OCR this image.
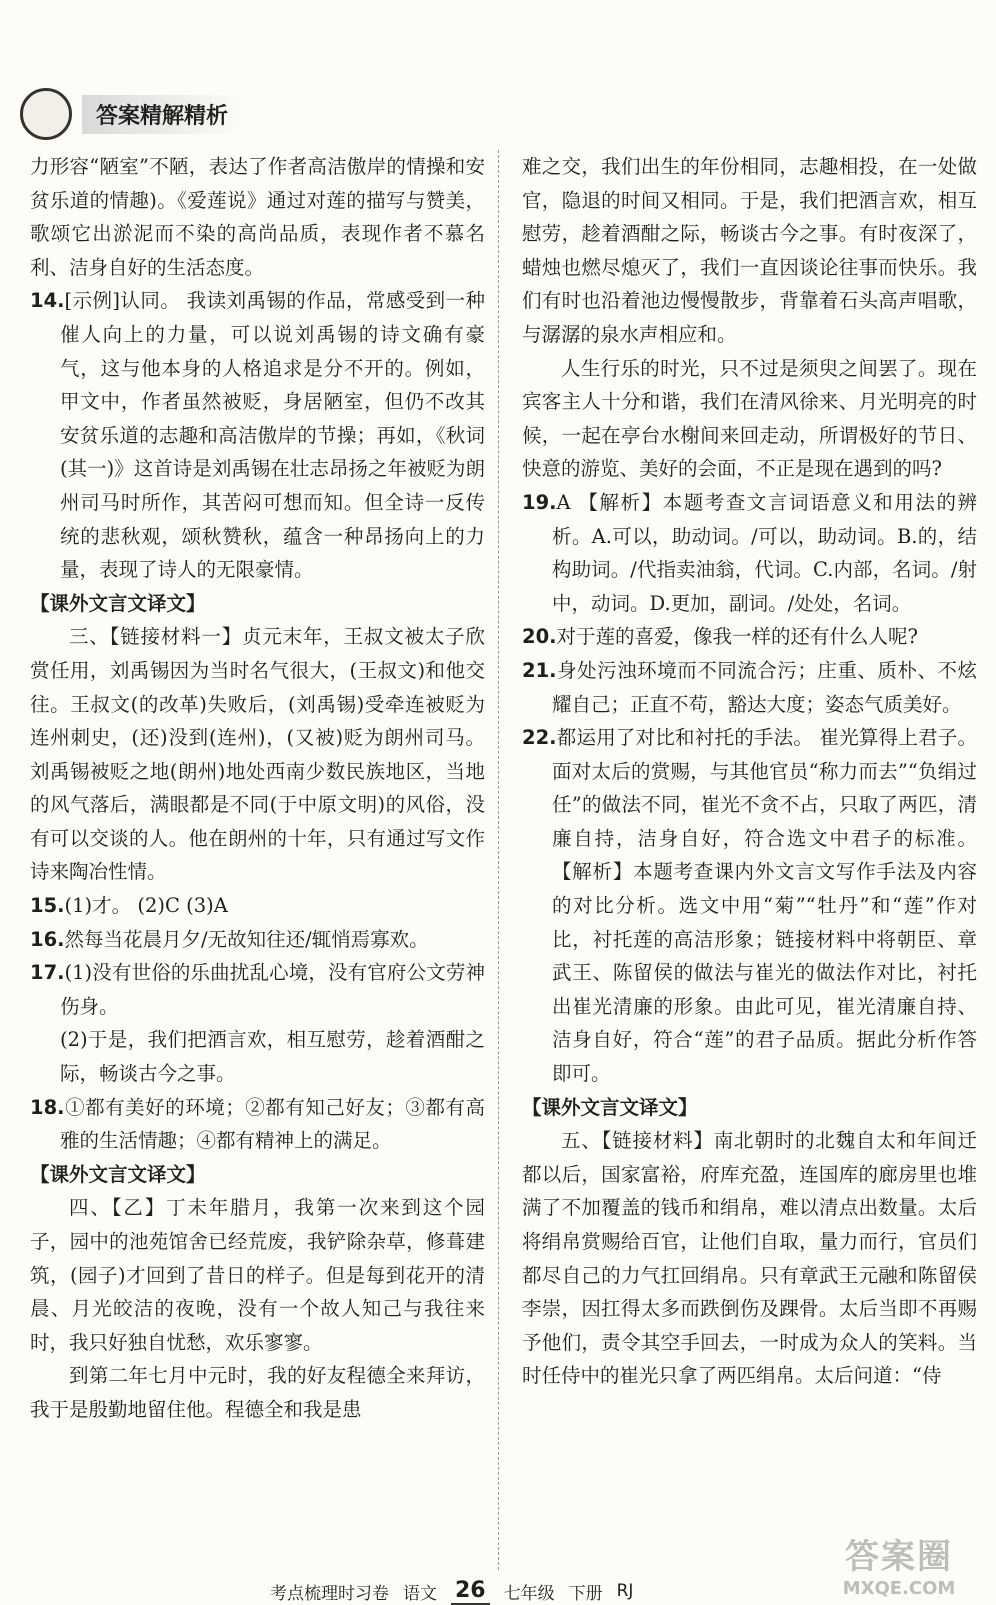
答案精解精析

力形容“陋室”不陋，表达了作者高洁傲岸的情操和安贫乐道的情趣)。《爱莲说》通过对莲的描写与赞美，歌颂它出淤泥而不染的高尚品质，表现作者不慕名利、洁身自好的生活态度。

14.[示例]认同。 我读刘禹锡的作品，常感受到一种催人向上的力量，可以说刘禹锡的诗文确有豪气，这与他本身的人格追求是分不开的。例如，甲文中，作者虽然被贬，身居陋室，但仍不改其安贫乐道的志趣和高洁傲岸的节操；再如，《秋词(其一)》这首诗是刘禹锡在壮志昂扬之年被贬为朗州司马时所作，其苦闷可想而知。但全诗一反传统的悲秋观，颂秋赞秋，蕴含一种昂扬向上的力量，表现了诗人的无限豪情。

【课外文言文译文】

三、【链接材料一】贞元末年，王叔文被太子欣赏任用，刘禹锡因为当时名气很大，(王叔文)和他交往。王叔文(的改革)失败后，(刘禹锡)受牵连被贬为连州刺史，(还)没到(连州)，(又被)贬为朗州司马。刘禹锡被贬之地(朗州)地处西南少数民族地区，当地的风气落后，满眼都是不同(于中原文明)的风俗，没有可以交谈的人。他在朗州的十年，只有通过写文作诗来陶冶性情。

15.(1)才。 (2)C (3)A

16.然每当花晨月夕/无故知往还/辄悄焉寡欢。

17.(1)没有世俗的乐曲扰乱心境，没有官府公文劳神伤身。

(2)于是，我们把酒言欢，相互慰劳，趁着酒酣之际，畅谈古今之事。

18.①都有美好的环境；②都有知己好友；③都有高雅的生活情趣；④都有精神上的满足。

【课外文言文译文】

四、【乙】丁未年腊月，我第一次来到这个园子，园中的池苑馆舍已经荒废，我铲除杂草，修葺建筑，(园子)才回到了昔日的样子。但是每到花开的清晨、月光皎洁的夜晚，没有一个故人知己与我往来时，我只好独自忧愁，欢乐寥寥。

到第二年七月中元时，我的好友程德全来拜访，我于是殷勤地留住他。程德全和我是患

难之交，我们出生的年份相同，志趣相投，在一处做官，隐退的时间又相同。于是，我们把酒言欢，相互慰劳，趁着酒酣之际，畅谈古今之事。有时夜深了，蜡烛也燃尽熄灭了，我们一直因谈论往事而快乐。我们有时也沿着池边慢慢散步，背靠着石头高声唱歌，与潺潺的泉水声相应和。

人生行乐的时光，只不过是须臾之间罢了。现在宾客主人十分和谐，我们在清风徐来、月光明亮的时候，一起在亭台水榭间来回走动，所谓极好的节日、快意的游览、美好的会面，不正是现在遇到的吗?

19.A 【解析】本题考查文言词语意义和用法的辨析。A.可以，助动词。/可以，助动词。B.的，结构助词。/代指卖油翁，代词。C.内部，名词。/射中，动词。D.更加，副词。/处处，名词。

20.对于莲的喜爱，像我一样的还有什么人呢?

21.身处污浊环境而不同流合污；庄重、质朴、不炫耀自己；正直不苟，豁达大度；姿态气质美好。

22.都运用了对比和衬托的手法。 崔光算得上君子。面对太后的赏赐，与其他官员“称力而去”“负绢过任”的做法不同，崔光不贪不占，只取了两匹，清廉自持，洁身自好，符合选文中君子的标准。 【解析】本题考查课内外文言文写作手法及内容的对比分析。选文中用“菊”“牡丹”和“莲”作对比，衬托莲的高洁形象；链接材料中将朝臣、章武王、陈留侯的做法与崔光的做法作对比，衬托出崔光清廉的形象。由此可见，崔光清廉自持、洁身自好，符合“莲”的君子品质。据此分析作答即可。

【课外文言文译文】

五、【链接材料】南北朝时的北魏自太和年间迁都以后，国家富裕，府库充盈，连国库的廊房里也堆满了不加覆盖的钱币和绢帛，难以清点出数量。太后将绢帛赏赐给百官，让他们自取，量力而行，官员们都尽自己的力气扛回绢帛。只有章武王元融和陈留侯李崇，因扛得太多而跌倒伤及踝骨。太后当即不再赐予他们，责令其空手回去，一时成为众人的笑料。当时任侍中的崔光只拿了两匹绢帛。太后问道：“侍

考点梳理时习卷 语文 26 七年级 下册 RJ
答案圈
MXQE.COM
